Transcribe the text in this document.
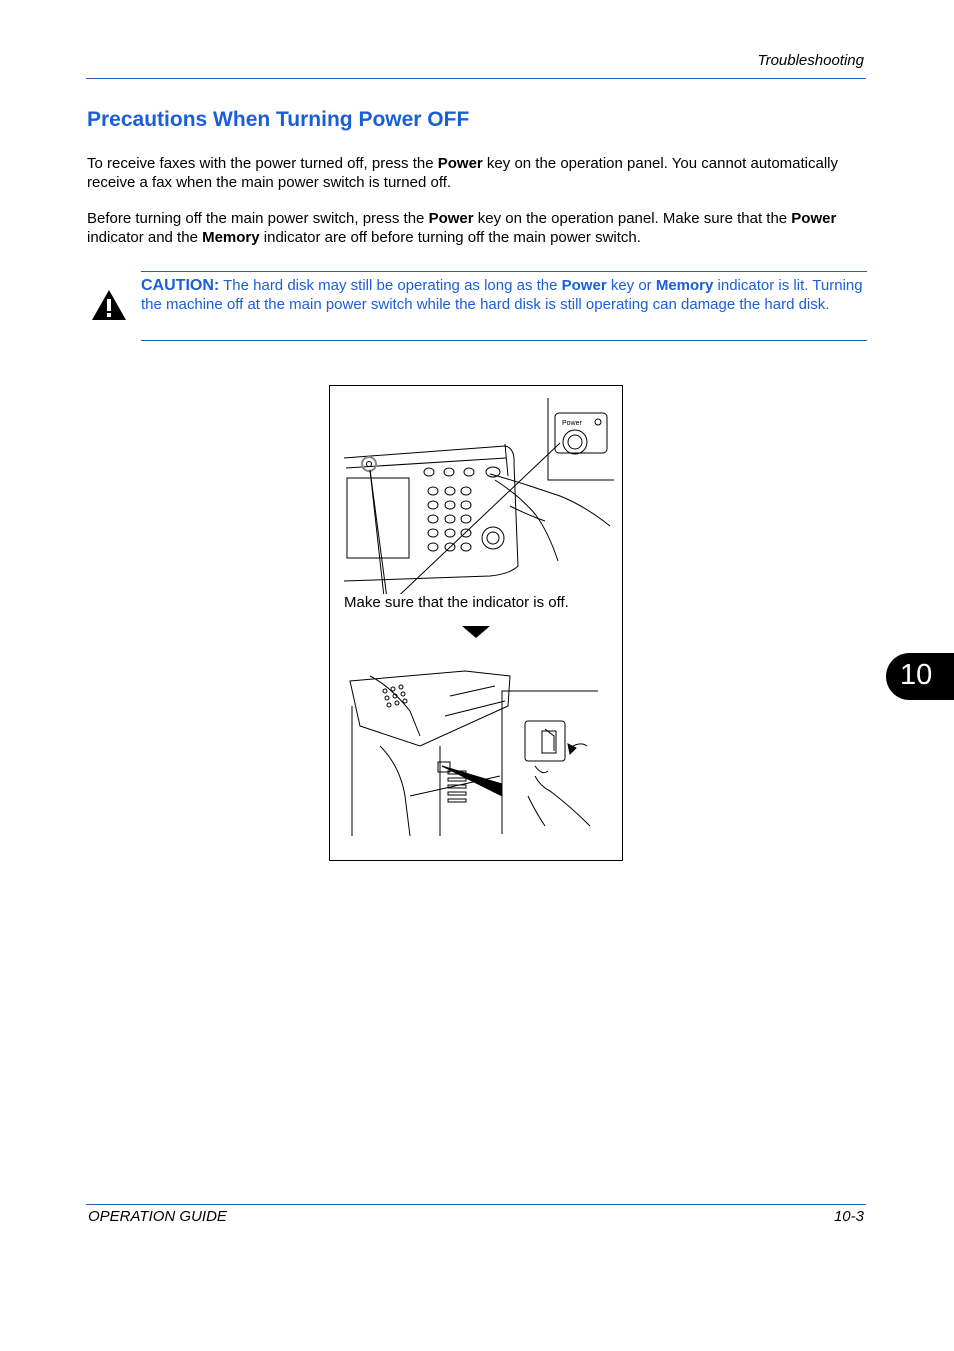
Troubleshooting
Precautions When Turning Power OFF

To receive faxes with the power turned off, press the Power key on the operation panel. You cannot automatically receive a fax when the main power switch is turned off.

Before turning off the main power switch, press the Power key on the operation panel. Make sure that the Power
indicator and the Memory indicator are off before turning off the main power switch.

CAUTION: The hard disk may still be operating as long as the Power key or Memory indicator is lit. Turning the machine off at the main power switch while the hard disk is still operating can damage the hard disk.

Power
Make sure that the indicator is off.
10
OPERATION GUIDE	10-3
